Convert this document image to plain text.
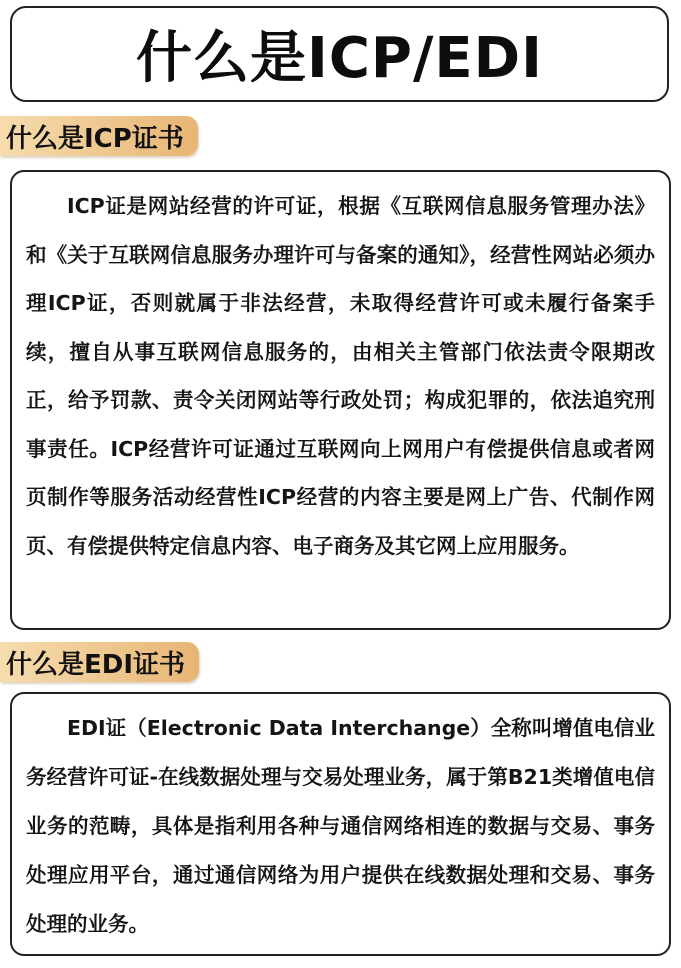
什么是ICP/EDI
什么是ICP证书

ICP证是网站经营的许可证，根据《互联网信息服务管理办法》和《关于互联网信息服务办理许可与备案的通知》，经营性网站必须办理ICP证，否则就属于非法经营，未取得经营许可或未履行备案手续，擅自从事互联网信息服务的，由相关主管部门依法责令限期改正，给予罚款、责令关闭网站等行政处罚；构成犯罪的，依法追究刑事责任。ICP经营许可证通过互联网向上网用户有偿提供信息或者网页制作等服务活动经营性ICP经营的内容主要是网上广告、代制作网页、有偿提供特定信息内容、电子商务及其它网上应用服务。

什么是EDI证书

EDI证（Electronic Data Interchange）全称叫增值电信业务经营许可证-在线数据处理与交易处理业务，属于第B21类增值电信业务的范畴，具体是指利用各种与通信网络相连的数据与交易、事务处理应用平台，通过通信网络为用户提供在线数据处理和交易、事务处理的业务。
